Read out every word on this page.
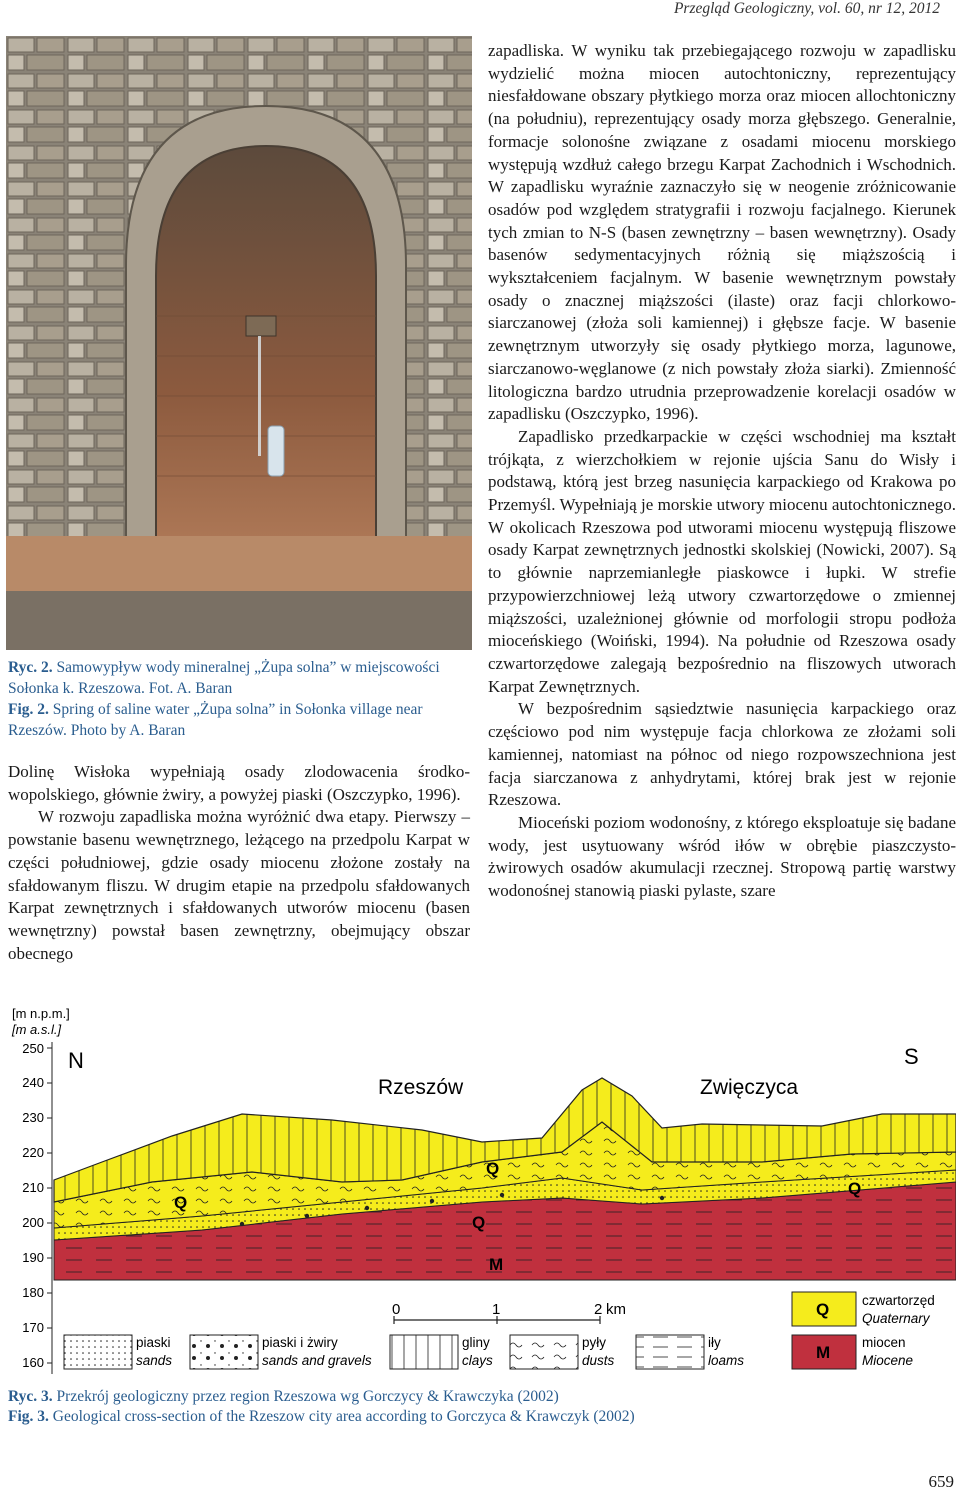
Przegląd Geologiczny, vol. 60, nr 12, 2012
Ryc. 2. Samowypływ wody mineralnej „Żupa solna” w miejscowości Sołonka k. Rzeszowa. Fot. A. Baran
Fig. 2. Spring of saline water „Żupa solna” in Sołonka village near Rzeszów. Photo by A. Baran

Dolinę Wisłoka wypełniają osady zlodowacenia środkowopolskiego, głównie żwiry, a powyżej piaski (Oszczypko, 1996).

W rozwoju zapadliska można wyróżnić dwa etapy. Pierwszy – powstanie basenu wewnętrznego, leżącego na przedpolu Karpat w części południowej, gdzie osady miocenu złożone zostały na sfałdowanym fliszu. W drugim etapie na przedpolu sfałdowanych Karpat zewnętrznych i sfałdowanych utworów miocenu (basen wewnętrzny) powstał basen zewnętrzny, obejmujący obszar obecnego

zapadliska. W wyniku tak przebiegającego rozwoju w zapadlisku wydzielić można miocen autochtoniczny, reprezentujący niesfałdowane obszary płytkiego morza oraz miocen allochtoniczny (na południu), reprezentujący osady morza głębszego. Generalnie, formacje solonośne związane z osadami miocenu morskiego występują wzdłuż całego brzegu Karpat Zachodnich i Wschodnich. W zapadlisku wyraźnie zaznaczyło się w neogenie zróżnicowanie osadów pod względem stratygrafii i rozwoju facjalnego. Kierunek tych zmian to N-S (basen zewnętrzny – basen wewnętrzny). Osady basenów sedymentacyjnych różnią się miąższością i wykształceniem facjalnym. W basenie wewnętrznym powstały osady o znacznej miąższości (ilaste) oraz facji chlorkowo-siarczanowej (złoża soli kamiennej) i głębsze facje. W basenie zewnętrznym utworzyły się osady płytkiego morza, lagunowe, siarczanowo-węglanowe (z nich powstały złoża siarki). Zmienność litologiczna bardzo utrudnia przeprowadzenie korelacji osadów w zapadlisku (Oszczypko, 1996).

Zapadlisko przedkarpackie w części wschodniej ma kształt trójkąta, z wierzchołkiem w rejonie ujścia Sanu do Wisły i podstawą, którą jest brzeg nasunięcia karpackiego od Krakowa po Przemyśl. Wypełniają je morskie utwory miocenu autochtonicznego. W okolicach Rzeszowa pod utworami miocenu występują fliszowe osady Karpat zewnętrznych jednostki skolskiej (Nowicki, 2007). Są to głównie naprzemianległe piaskowce i łupki. W strefie przypowierzchniowej leżą utwory czwartorzędowe o zmiennej miąższości, uzależnionej głównie od morfologii stropu podłoża mioceńskiego (Woiński, 1994). Na południe od Rzeszowa osady czwartorzędowe zalegają bezpośrednio na fliszowych utworach Karpat Zewnętrznych.

W bezpośrednim sąsiedztwie nasunięcia karpackiego oraz częściowo pod nim występuje facja chlorkowa ze złożami soli kamiennej, natomiast na północ od niego rozpowszechniona jest facja siarczanowa z anhydrytami, której brak jest w rejonie Rzeszowa.

Mioceński poziom wodonośny, z którego eksploatuje się badane wody, jest usytuowany wśród iłów w obrębie piaszczysto-żwirowych osadów akumulacji rzecznej. Stropową partię warstwy wodonośnej stanowią piaski pylaste, szare

[m n.p.m.]
[m a.s.l.]
250
240
230
220
210
200
190
180
170
160
N	S
Rzeszów	Zwięczyca
Q
Q
Q
Q
M
0	1	2 km
piaski
sands
piaski i żwiry
sands and gravels
gliny
clays
pyły
dusts
iły
loams
Q czwartorzęd
Quaternary
M
miocen
Miocene
Ryc. 3. Przekrój geologiczny przez region Rzeszowa wg Gorczycy & Krawczyka (2002)
Fig. 3. Geological cross-section of the Rzeszow city area according to Gorczyca & Krawczyk (2002)
659
